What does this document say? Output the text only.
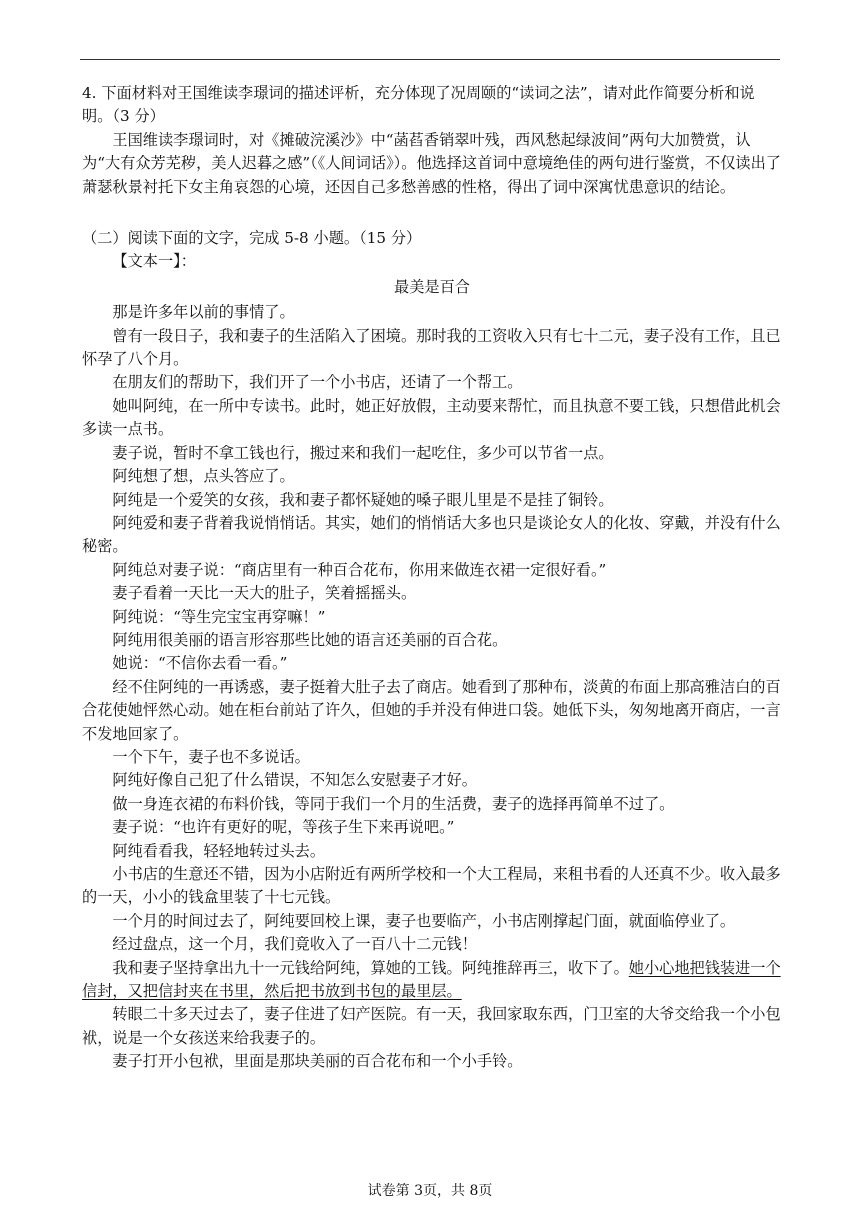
4. 下面材料对王国维读李璟词的描述评析，充分体现了况周颐的“读词之法”，请对此作简要分析和说明。（3 分）

王国维读李璟词时，对《摊破浣溪沙》中“菡萏香销翠叶残，西风愁起绿波间”两句大加赞赏，认为“大有众芳芜秽，美人迟暮之感”（《人间词话》）。他选择这首词中意境绝佳的两句进行鉴赏，不仅读出了萧瑟秋景衬托下女主角哀怨的心境，还因自己多愁善感的性格，得出了词中深寓忧患意识的结论。

（二）阅读下面的文字，完成 5-8 小题。（15 分）

【文本一】：

最美是百合

那是许多年以前的事情了。

曾有一段日子，我和妻子的生活陷入了困境。那时我的工资收入只有七十二元，妻子没有工作，且已怀孕了八个月。

在朋友们的帮助下，我们开了一个小书店，还请了一个帮工。

她叫阿纯，在一所中专读书。此时，她正好放假，主动要来帮忙，而且执意不要工钱，只想借此机会多读一点书。

妻子说，暂时不拿工钱也行，搬过来和我们一起吃住，多少可以节省一点。

阿纯想了想，点头答应了。

阿纯是一个爱笑的女孩，我和妻子都怀疑她的嗓子眼儿里是不是挂了铜铃。

阿纯爱和妻子背着我说悄悄话。其实，她们的悄悄话大多也只是谈论女人的化妆、穿戴，并没有什么秘密。

阿纯总对妻子说：“商店里有一种百合花布，你用来做连衣裙一定很好看。”

妻子看着一天比一天大的肚子，笑着摇摇头。

阿纯说：“等生完宝宝再穿嘛！”

阿纯用很美丽的语言形容那些比她的语言还美丽的百合花。

她说：“不信你去看一看。”

经不住阿纯的一再诱惑，妻子挺着大肚子去了商店。她看到了那种布，淡黄的布面上那高雅洁白的百合花使她怦然心动。她在柜台前站了许久，但她的手并没有伸进口袋。她低下头，匆匆地离开商店，一言不发地回家了。

一个下午，妻子也不多说话。

阿纯好像自己犯了什么错误，不知怎么安慰妻子才好。

做一身连衣裙的布料价钱，等同于我们一个月的生活费，妻子的选择再简单不过了。

妻子说：“也许有更好的呢，等孩子生下来再说吧。”

阿纯看看我，轻轻地转过头去。

小书店的生意还不错，因为小店附近有两所学校和一个大工程局，来租书看的人还真不少。收入最多的一天，小小的钱盒里装了十七元钱。

一个月的时间过去了，阿纯要回校上课，妻子也要临产，小书店刚撑起门面，就面临停业了。

经过盘点，这一个月，我们竟收入了一百八十二元钱！

我和妻子坚持拿出九十一元钱给阿纯，算她的工钱。阿纯推辞再三，收下了。她小心地把钱装进一个信封，又把信封夹在书里，然后把书放到书包的最里层。

转眼二十多天过去了，妻子住进了妇产医院。有一天，我回家取东西，门卫室的大爷交给我一个小包袱，说是一个女孩送来给我妻子的。

妻子打开小包袱，里面是那块美丽的百合花布和一个小手铃。

试卷第 3页，共 8页
